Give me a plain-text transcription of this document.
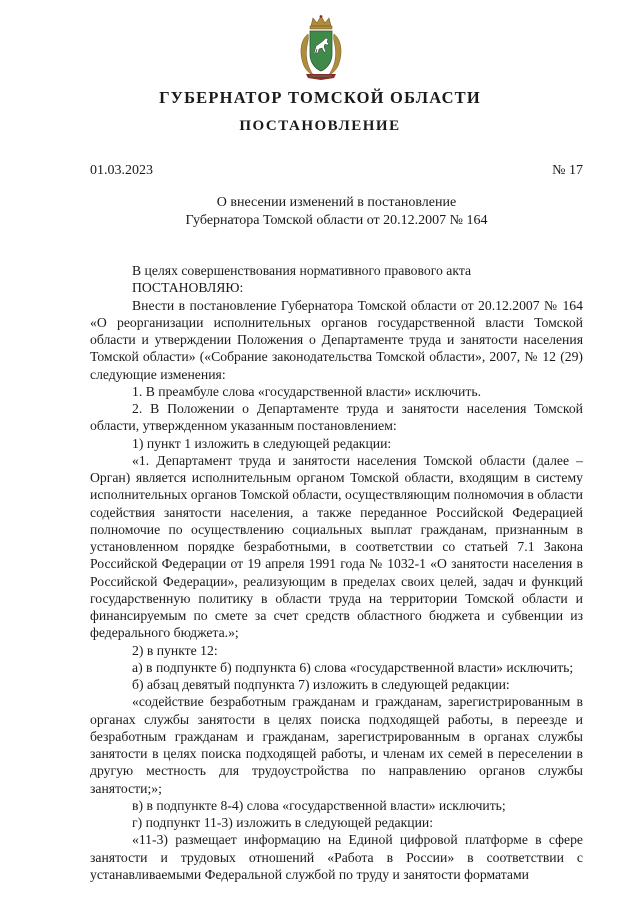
ГУБЕРНАТОР ТОМСКОЙ ОБЛАСТИ
ПОСТАНОВЛЕНИЕ
01.03.2023	№ 17
О внесении изменений в постановление
Губернатора Томской области от 20.12.2007 № 164
В целях совершенствования нормативного правового акта
ПОСТАНОВЛЯЮ:
Внести в постановление Губернатора Томской области от 20.12.2007 № 164 «О реорганизации исполнительных органов государственной власти Томской области и утверждении Положения о Департаменте труда и занятости населения Томской области» («Собрание законодательства Томской области», 2007, № 12 (29) следующие изменения:
1. В преамбуле слова «государственной власти» исключить.
2. В Положении о Департаменте труда и занятости населения Томской области, утвержденном указанным постановлением:
1) пункт 1 изложить в следующей редакции:
«1. Департамент труда и занятости населения Томской области (далее – Орган) является исполнительным органом Томской области, входящим в систему исполнительных органов Томской области, осуществляющим полномочия в области содействия занятости населения, а также переданное Российской Федерацией полномочие по осуществлению социальных выплат гражданам, признанным в установленном порядке безработными, в соответствии со статьей 7.1 Закона Российской Федерации от 19 апреля 1991 года № 1032-1 «О занятости населения в Российской Федерации», реализующим в пределах своих целей, задач и функций государственную политику в области труда на территории Томской области и финансируемым по смете за счет средств областного бюджета и субвенции из федерального бюджета.»;
2) в пункте 12:
а) в подпункте б) подпункта 6) слова «государственной власти» исключить;
б) абзац девятый подпункта 7) изложить в следующей редакции:
«содействие безработным гражданам и гражданам, зарегистрированным в органах службы занятости в целях поиска подходящей работы, в переезде и безработным гражданам и гражданам, зарегистрированным в органах службы занятости в целях поиска подходящей работы, и членам их семей в переселении в другую местность для трудоустройства по направлению органов службы занятости;»;
в) в подпункте 8-4) слова «государственной власти» исключить;
г) подпункт 11-3) изложить в следующей редакции:
«11-3) размещает информацию на Единой цифровой платформе в сфере занятости и трудовых отношений «Работа в России» в соответствии с устанавливаемыми Федеральной службой по труду и занятости форматами
